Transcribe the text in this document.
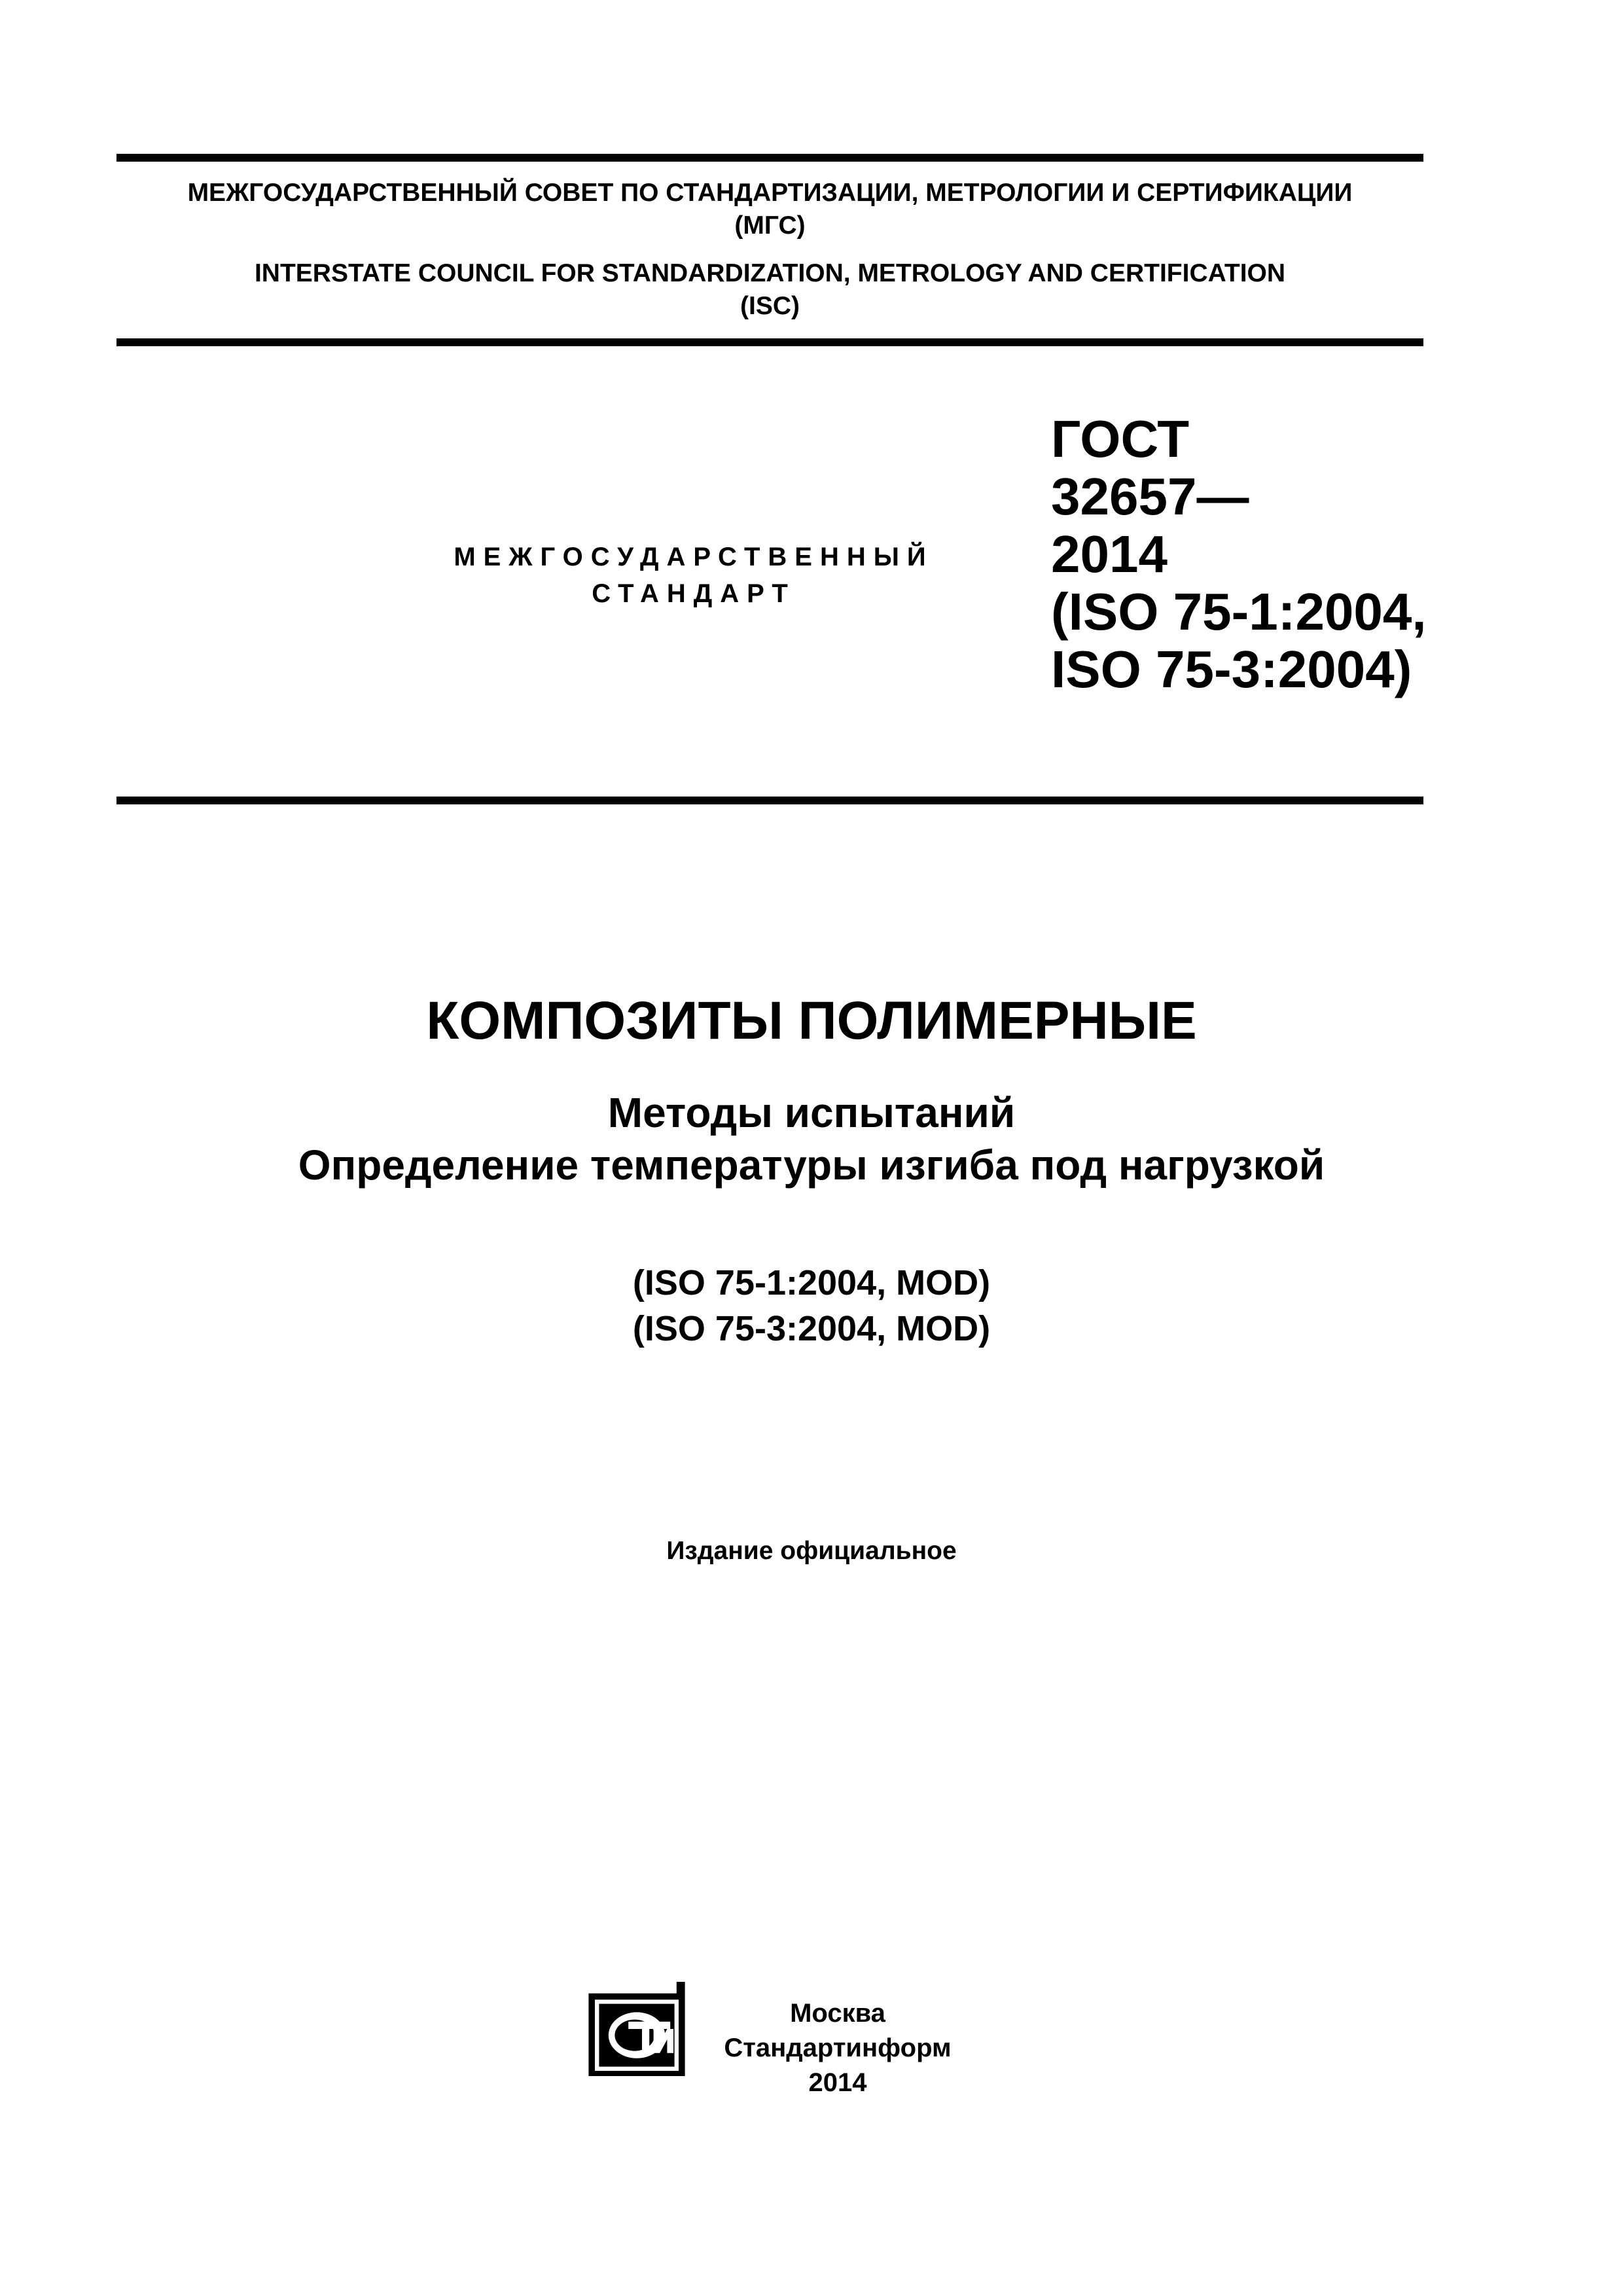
МЕЖГОСУДАРСТВЕННЫЙ СОВЕТ ПО СТАНДАРТИЗАЦИИ, МЕТРОЛОГИИ И СЕРТИФИКАЦИИ
(МГС)
INTERSTATE COUNCIL FOR STANDARDIZATION, METROLOGY AND CERTIFICATION
(ISC)
МЕЖГОСУДАРСТВЕННЫЙ
СТАНДАРТ
ГОСТ
32657—
2014
(ISO 75-1:2004,
ISO 75-3:2004)
КОМПОЗИТЫ ПОЛИМЕРНЫЕ
Методы испытаний
Определение температуры изгиба под нагрузкой
(ISO 75-1:2004, MOD)
(ISO 75-3:2004, MOD)
Издание официальное
Москва
Стандартинформ
2014
